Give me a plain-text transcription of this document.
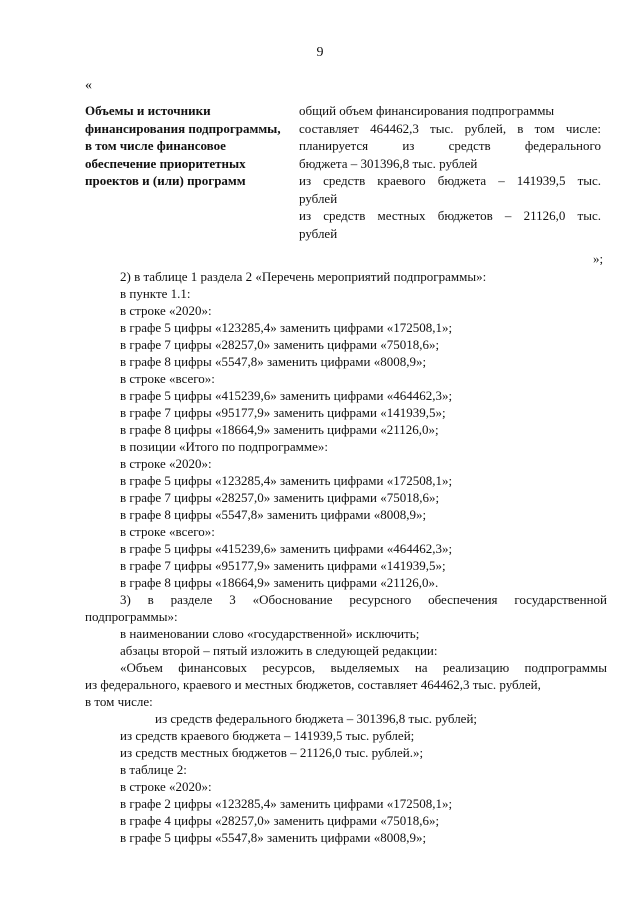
9
«
Объемы и источники финансирования подпрограммы, в том числе финансовое обеспечение приоритетных проектов и (или) программ
общий объем финансирования подпрограммы
составляет 464462,3 тыс. рублей, в том числе:
планируется из средств федерального
бюджета – 301396,8 тыс. рублей
из средств краевого бюджета – 141939,5 тыс.
рублей
из средств местных бюджетов – 21126,0 тыс.
рублей
»;
2) в таблице 1 раздела 2 «Перечень мероприятий подпрограммы»:
в пункте 1.1:
в строке «2020»:
в графе 5 цифры «123285,4» заменить цифрами «172508,1»;
в графе 7 цифры «28257,0» заменить цифрами «75018,6»;
в графе 8 цифры «5547,8» заменить цифрами «8008,9»;
в строке «всего»:
в графе 5 цифры «415239,6» заменить цифрами «464462,3»;
в графе 7 цифры «95177,9» заменить цифрами «141939,5»;
в графе 8 цифры «18664,9» заменить цифрами «21126,0»;
в позиции «Итого по подпрограмме»:
в строке «2020»:
в графе 5 цифры «123285,4» заменить цифрами «172508,1»;
в графе 7 цифры «28257,0» заменить цифрами «75018,6»;
в графе 8 цифры «5547,8» заменить цифрами «8008,9»;
в строке «всего»:
в графе 5 цифры «415239,6» заменить цифрами «464462,3»;
в графе 7 цифры «95177,9» заменить цифрами «141939,5»;
в графе 8 цифры «18664,9» заменить цифрами «21126,0».
3) в разделе 3 «Обоснование ресурсного обеспечения государственной
подпрограммы»:
в наименовании слово «государственной» исключить;
абзацы второй – пятый изложить в следующей редакции:
«Объем финансовых ресурсов, выделяемых на реализацию подпрограммы
из федерального, краевого и местных бюджетов, составляет 464462,3 тыс. рублей,
в том числе:
из средств федерального бюджета – 301396,8 тыс. рублей;
из средств краевого бюджета – 141939,5 тыс. рублей;
из средств местных бюджетов – 21126,0 тыс. рублей.»;
в таблице 2:
в строке «2020»:
в графе 2 цифры «123285,4» заменить цифрами «172508,1»;
в графе 4 цифры «28257,0» заменить цифрами «75018,6»;
в графе 5 цифры «5547,8» заменить цифрами «8008,9»;
